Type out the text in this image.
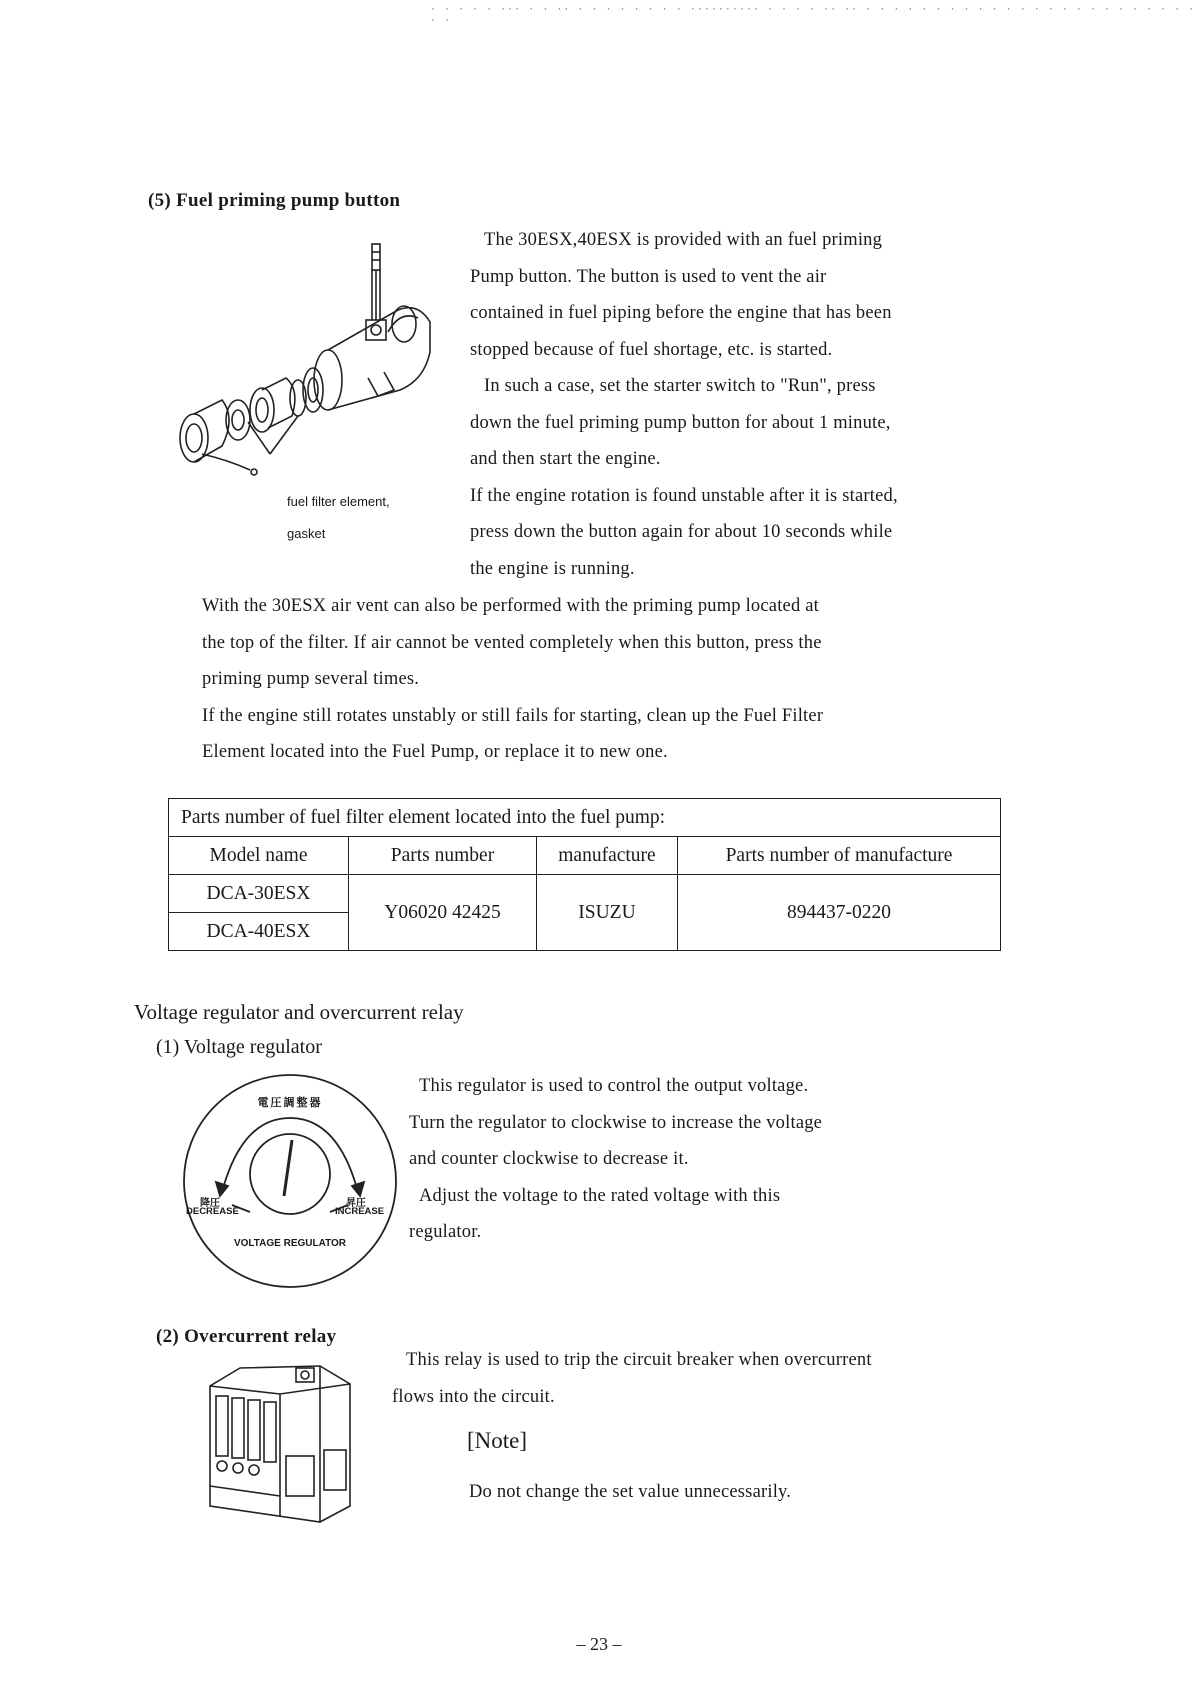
· · · · · ··· · · ·· · · · · · · · · ·········· · · · · ·· ·· · · · · · · · · · · · · · · · · · · · · · · · · · ·
(5) Fuel priming pump button
fuel filter element,
gasket
The 30ESX,40ESX is provided with an fuel priming
Pump button. The button is used to vent the air
contained in fuel piping before the engine that has been
stopped because of fuel shortage, etc. is started.
In such a case, set the starter switch to "Run", press
down the fuel priming pump button for about 1 minute,
and then start the engine.
If the engine rotation is found unstable after it is started,
press down the button again for about 10 seconds while
the engine is running.
With the 30ESX air vent can also be performed with the priming pump located at
the top of the filter. If air cannot be vented completely when this button, press the
priming pump several times.
If the engine still rotates unstably or still fails for starting, clean up the Fuel Filter
Element located into the Fuel Pump, or replace it to new one.
Parts number of fuel filter element located into the fuel pump:			
Model name	Parts number	manufacture	Parts number of manufacture
DCA-30ESX	Y06020 42425	ISUZU	894437-0220
DCA-40ESX			
Voltage regulator and overcurrent relay
(1) Voltage regulator
電圧調整器
降圧
DECREASE
昇圧
INCREASE
VOLTAGE REGULATOR
This regulator is used to control the output voltage.
Turn the regulator to clockwise to increase the voltage
and counter clockwise to decrease it.
Adjust the voltage to the rated voltage with this
regulator.
(2) Overcurrent relay
This relay is used to trip the circuit breaker when overcurrent
flows into the circuit.
[Note]
Do not change the set value unnecessarily.
– 23 –
